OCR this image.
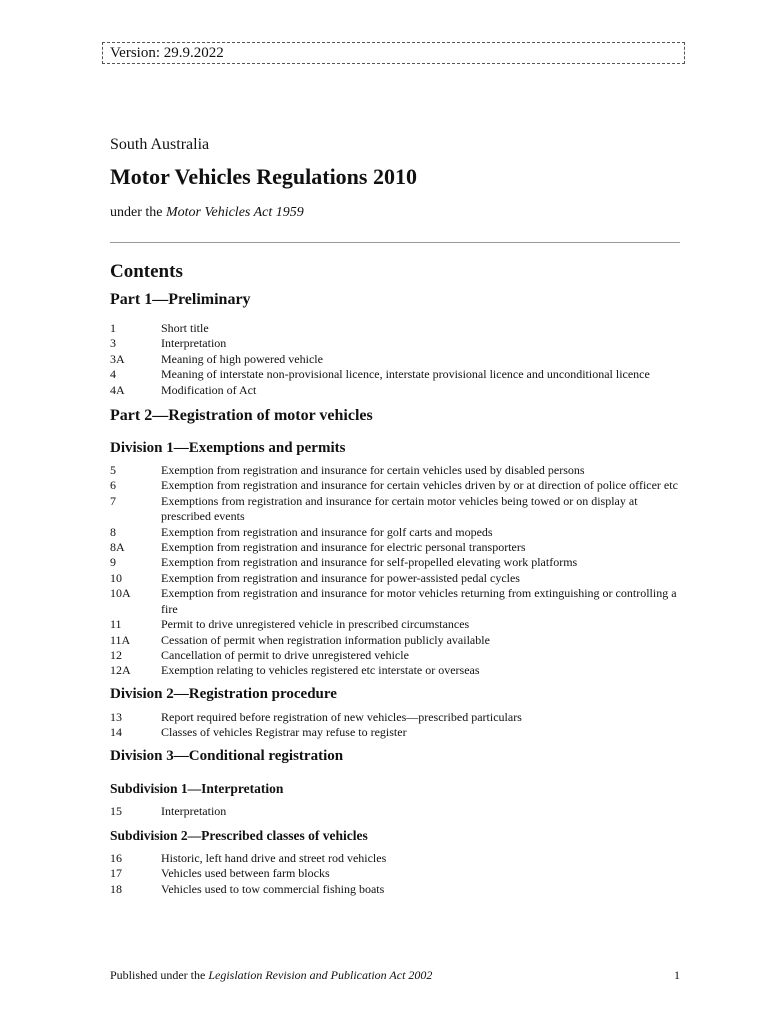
Version: 29.9.2022
South Australia
Motor Vehicles Regulations 2010
under the Motor Vehicles Act 1959
Contents
Part 1—Preliminary
1	Short title
3	Interpretation
3A	Meaning of high powered vehicle
4	Meaning of interstate non-provisional licence, interstate provisional licence and unconditional licence
4A	Modification of Act
Part 2—Registration of motor vehicles
Division 1—Exemptions and permits
5	Exemption from registration and insurance for certain vehicles used by disabled persons
6	Exemption from registration and insurance for certain vehicles driven by or at direction of police officer etc
7	Exemptions from registration and insurance for certain motor vehicles being towed or on display at prescribed events
8	Exemption from registration and insurance for golf carts and mopeds
8A	Exemption from registration and insurance for electric personal transporters
9	Exemption from registration and insurance for self-propelled elevating work platforms
10	Exemption from registration and insurance for power-assisted pedal cycles
10A	Exemption from registration and insurance for motor vehicles returning from extinguishing or controlling a fire
11	Permit to drive unregistered vehicle in prescribed circumstances
11A	Cessation of permit when registration information publicly available
12	Cancellation of permit to drive unregistered vehicle
12A	Exemption relating to vehicles registered etc interstate or overseas
Division 2—Registration procedure
13	Report required before registration of new vehicles—prescribed particulars
14	Classes of vehicles Registrar may refuse to register
Division 3—Conditional registration
Subdivision 1—Interpretation
15	Interpretation
Subdivision 2—Prescribed classes of vehicles
16	Historic, left hand drive and street rod vehicles
17	Vehicles used between farm blocks
18	Vehicles used to tow commercial fishing boats
Published under the Legislation Revision and Publication Act 2002	1
